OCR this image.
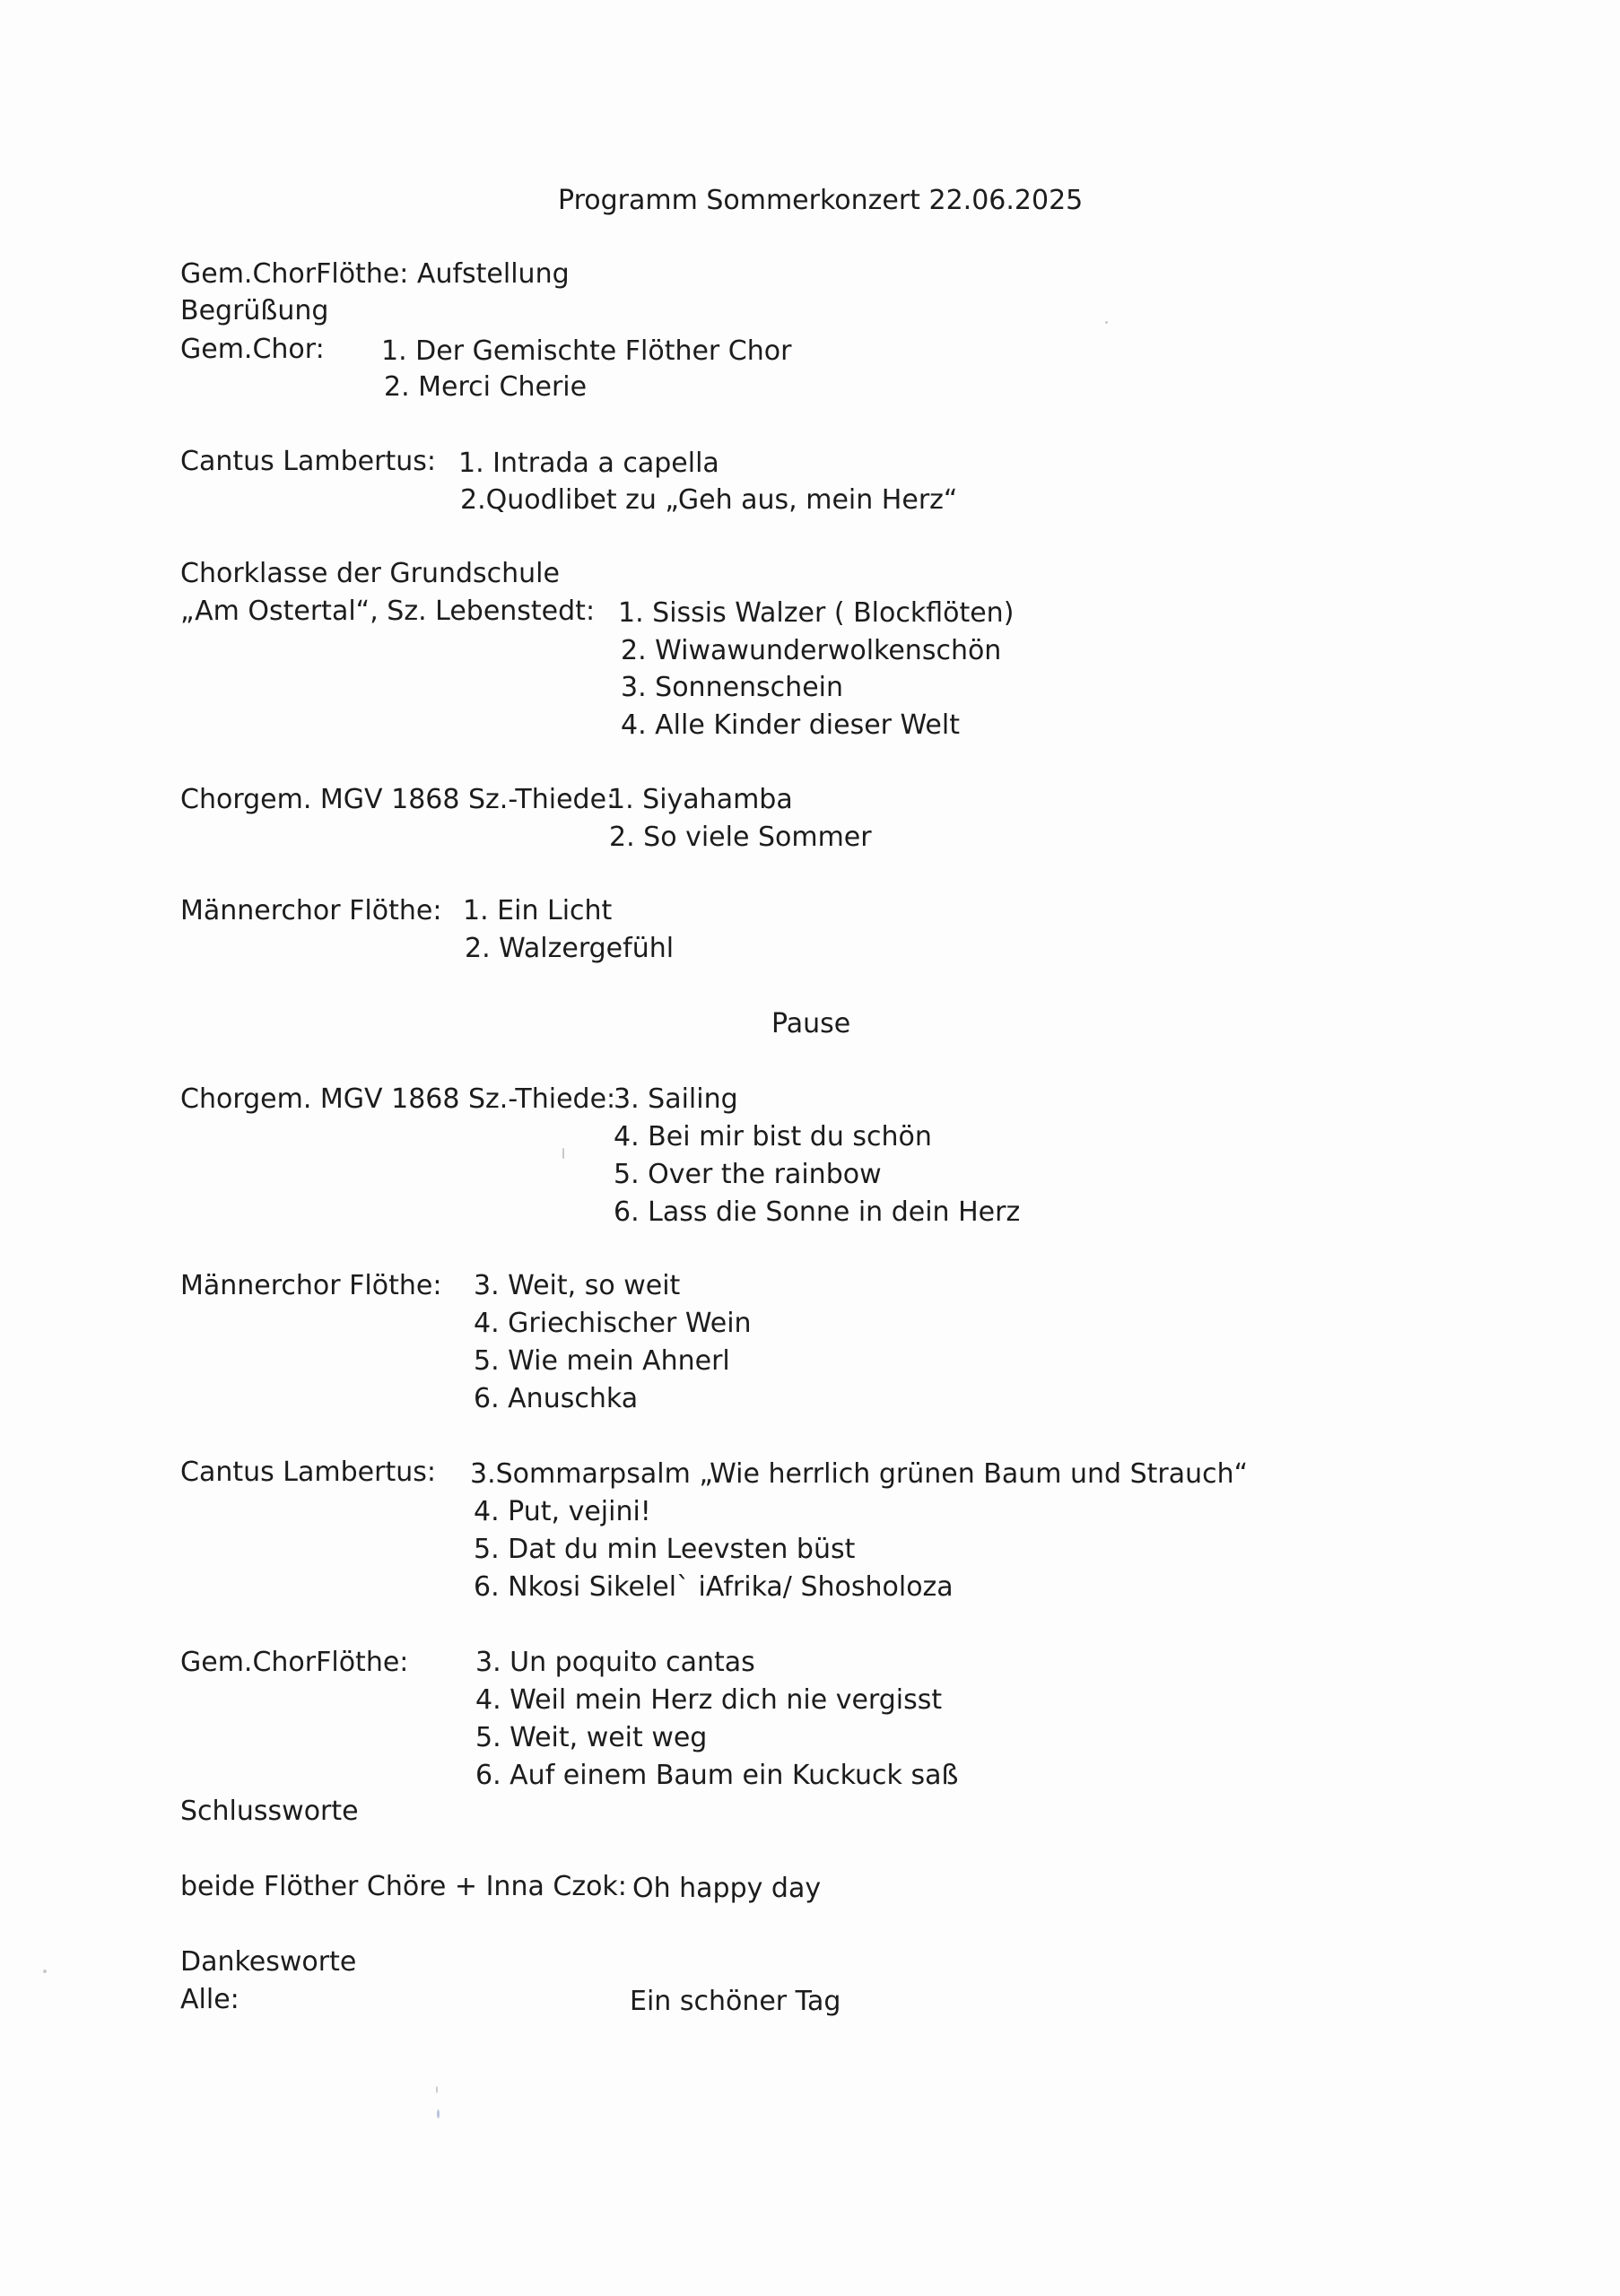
Programm Sommerkonzert 22.06.2025
Gem.ChorFlöthe: Aufstellung
Begrüßung
Gem.Chor: 1. Der Gemischte Flöther Chor
2. Merci Cherie
Cantus Lambertus: 1. Intrada a capella
2.Quodlibet zu „Geh aus, mein Herz“
Chorklasse der Grundschule
„Am Ostertal“, Sz. Lebenstedt: 1. Sissis Walzer ( Blockflöten)
2. Wiwawunderwolkenschön
3. Sonnenschein
4. Alle Kinder dieser Welt
Chorgem. MGV 1868 Sz.-Thiede:
1. Siyahamba
2. So viele Sommer
Männerchor Flöthe: 1. Ein Licht
2. Walzergefühl
Pause
Chorgem. MGV 1868 Sz.-Thiede:
3. Sailing
4. Bei mir bist du schön
5. Over the rainbow
6. Lass die Sonne in dein Herz
Männerchor Flöthe: 3. Weit, so weit
4. Griechischer Wein
5. Wie mein Ahnerl
6. Anuschka
Cantus Lambertus: 3.Sommarpsalm „Wie herrlich grünen Baum und Strauch“
4. Put, vejini!
5. Dat du min Leevsten büst
6. Nkosi Sikelel` iAfrika/ Shosholoza
Gem.ChorFlöthe: 3. Un poquito cantas
4. Weil mein Herz dich nie vergisst
5. Weit, weit weg
6. Auf einem Baum ein Kuckuck saß
Schlussworte
beide Flöther Chöre + Inna Czok: Oh happy day
Dankesworte
Alle:	Ein schöner Tag
